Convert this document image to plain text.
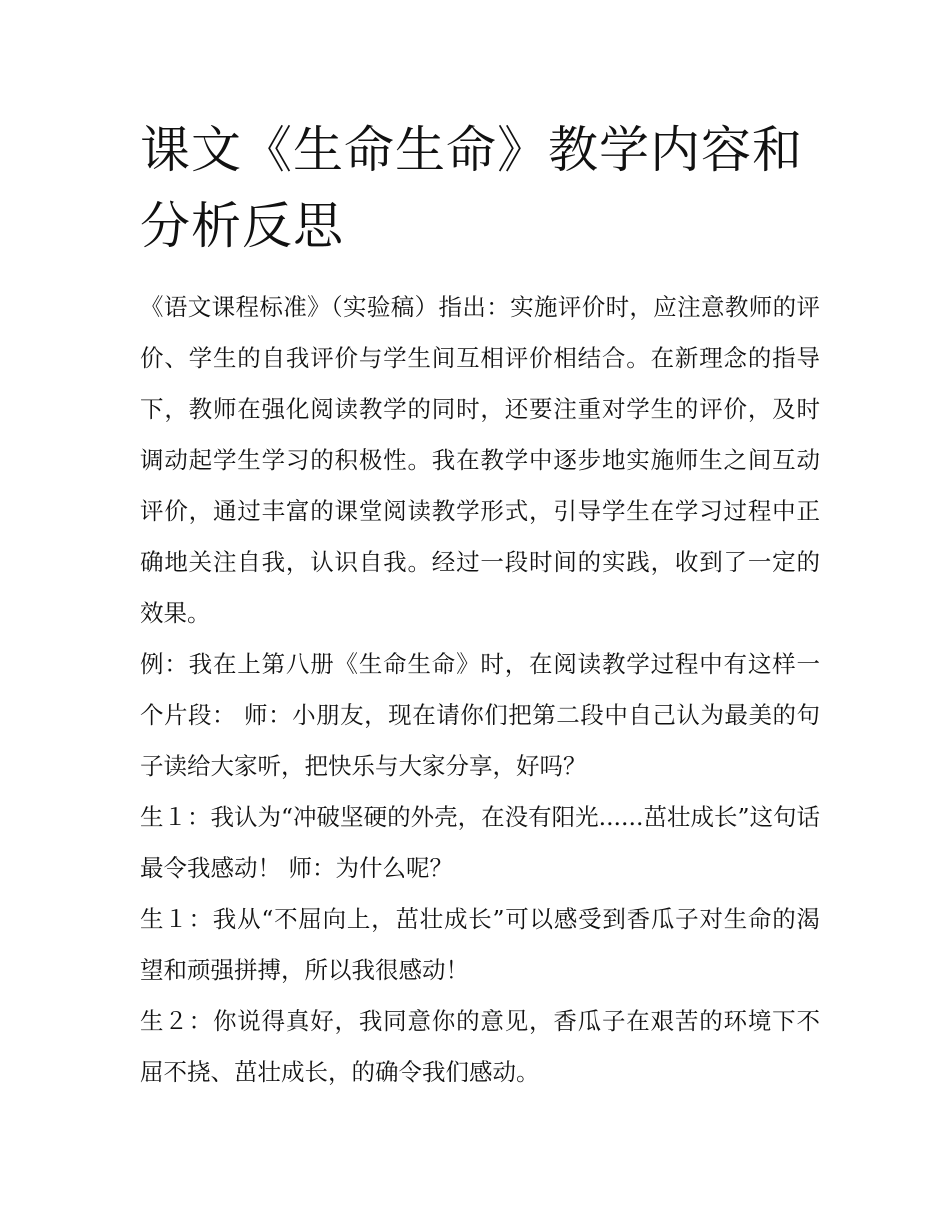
课文《生命生命》教学内容和分析反思

《语文课程标准》（实验稿）指出：实施评价时，应注意教师的评价、学生的自我评价与学生间互相评价相结合。在新理念的指导下，教师在强化阅读教学的同时，还要注重对学生的评价，及时调动起学生学习的积极性。我在教学中逐步地实施师生之间互动评价，通过丰富的课堂阅读教学形式，引导学生在学习过程中正确地关注自我，认识自我。经过一段时间的实践，收到了一定的效果。

例：我在上第八册《生命生命》时，在阅读教学过程中有这样一个片段： 师：小朋友，现在请你们把第二段中自己认为最美的句子读给大家听，把快乐与大家分享，好吗？

生１：我认为“冲破坚硬的外壳，在没有阳光......茁壮成长”这句话最令我感动！ 师：为什么呢？

生１：我从“不屈向上，茁壮成长”可以感受到香瓜子对生命的渴望和顽强拼搏，所以我很感动！

生２：你说得真好，我同意你的意见，香瓜子在艰苦的环境下不屈不挠、茁壮成长，的确令我们感动。
